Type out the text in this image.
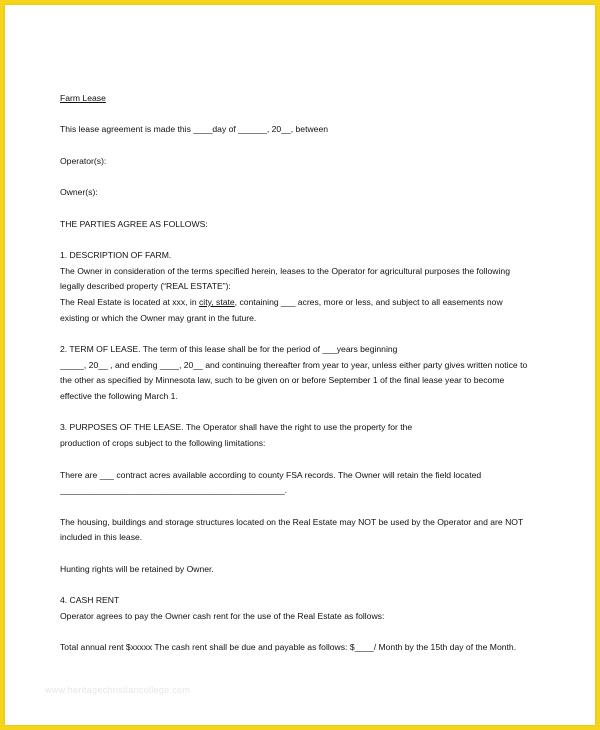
Farm Lease
This lease agreement is made this ____day of ______, 20__, between
Operator(s):
Owner(s):
THE PARTIES AGREE AS FOLLOWS:
1. DESCRIPTION OF FARM.
The Owner in consideration of the terms specified herein, leases to the Operator for agricultural purposes the following
legally described property (“REAL ESTATE”):
The Real Estate is located at xxx, in city, state, containing ___ acres, more or less, and subject to all easements now
existing or which the Owner may grant in the future.
2. TERM OF LEASE. The term of this lease shall be for the period of ___years beginning
_____, 20__ , and ending ____, 20__ and continuing thereafter from year to year, unless either party gives written notice to
the other as specified by Minnesota law, such to be given on or before September 1 of the final lease year to become
effective the following March 1.
3. PURPOSES OF THE LEASE. The Operator shall have the right to use the property for the
production of crops subject to the following limitations:
There are ___ contract acres available according to county FSA records. The Owner will retain the field located
_______________________________________________.
The housing, buildings and storage structures located on the Real Estate may NOT be used by the Operator and are NOT
included in this lease.
Hunting rights will be retained by Owner.
4. CASH RENT
Operator agrees to pay the Owner cash rent for the use of the Real Estate as follows:
Total annual rent $xxxxx The cash rent shall be due and payable as follows: $____/ Month by the 15th day of the Month.
www.heritagechristiancollege.com
